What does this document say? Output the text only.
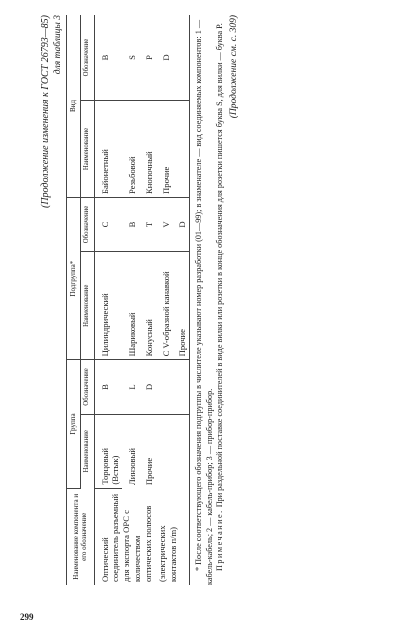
(Продолжение изменения к ГОСТ 26793—85) для таблицы 3
Наименование компонента и его обозначение	Группа		Подгруппа*		Вид	
	Наименование	Обозначение	Наименование	Обозначение	Наименование	Обозначение

Оптический соединитель разъемный для экспорта ОРС с количеством оптических полюсов (электрических контактов п/m)	Торцовый (Встык)	B	Цилиндрический	C	Байонетный	B
	Линзовый	L	Шариковый	B	Резьбовой	S
	Прочие	D	Конусный	T	Кнопочный	P
			С V-образной канавкой	V	Прочие	D
			Прочие	D		* После соответствующего обозначения подгруппы в числителе указывают номер разработки (01—99); в знаменателе — вид соединяемых компонентов: 1 — кабель-кабель; 2 — кабель-прибор; 3 — прибор-прибор. Примечание. При раздельной поставке соединителей в виде вилки или розетки в конце обозначения для розетки пишется буква S, для вилки — буква P. (Продолжение см. с. 309)
299
